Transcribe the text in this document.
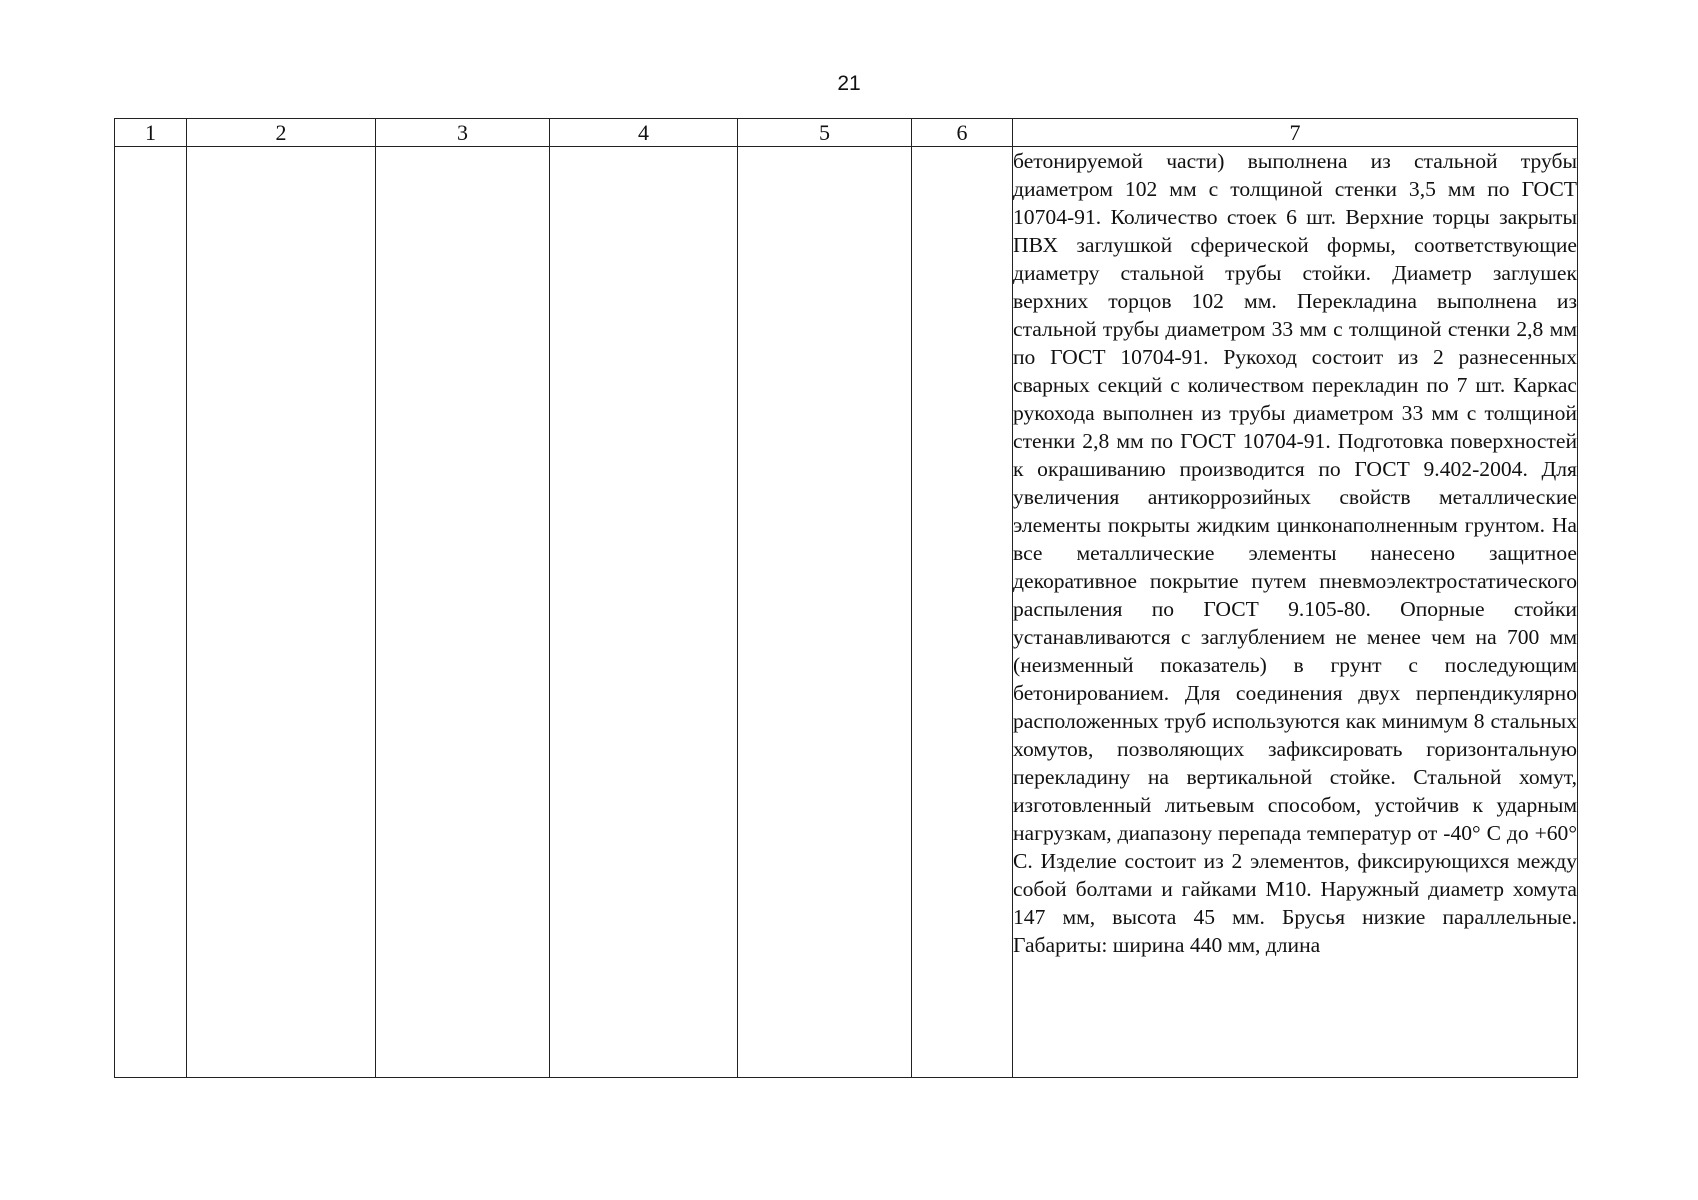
21
1	2	3	4	5	6	7

						бетонируемой части) выполнена из стальной трубы диаметром 102 мм с толщиной стенки 3,5 мм по ГОСТ 10704-91. Количество стоек 6 шт. Верхние торцы закрыты ПВХ заглушкой сферической формы, соответствующие диаметру стальной трубы стойки. Диаметр заглушек верхних торцов 102 мм. Перекладина выполнена из стальной трубы диаметром 33 мм с толщиной стенки 2,8 мм по ГОСТ 10704-91. Рукоход состоит из 2 разнесенных сварных секций с количеством перекладин по 7 шт. Каркас рукохода выполнен из трубы диаметром 33 мм с толщиной стенки 2,8 мм по ГОСТ 10704-91. Подготовка поверхностей к окрашиванию производится по ГОСТ 9.402-2004. Для увеличения антикоррозийных свойств металлические элементы покрыты жидким цинконаполненным грунтом. На все металлические элементы нанесено защитное декоративное покрытие путем пневмоэлектростатического распыления по ГОСТ 9.105-80. Опорные стойки устанавливаются с заглублением не менее чем на 700 мм (неизменный показатель) в грунт с последующим бетонированием. Для соединения двух перпендикулярно расположенных труб используются как минимум 8 стальных хомутов, позволяющих зафиксировать горизонтальную перекладину на вертикальной стойке. Стальной хомут, изготовленный литьевым способом, устойчив к ударным нагрузкам, диапазону перепада температур от -40° С до +60° С. Изделие состоит из 2 элементов, фиксирующихся между собой болтами и гайками М10. Наружный диаметр хомута 147 мм, высота 45 мм. Брусья низкие параллельные. Габариты: ширина 440 мм, длина
